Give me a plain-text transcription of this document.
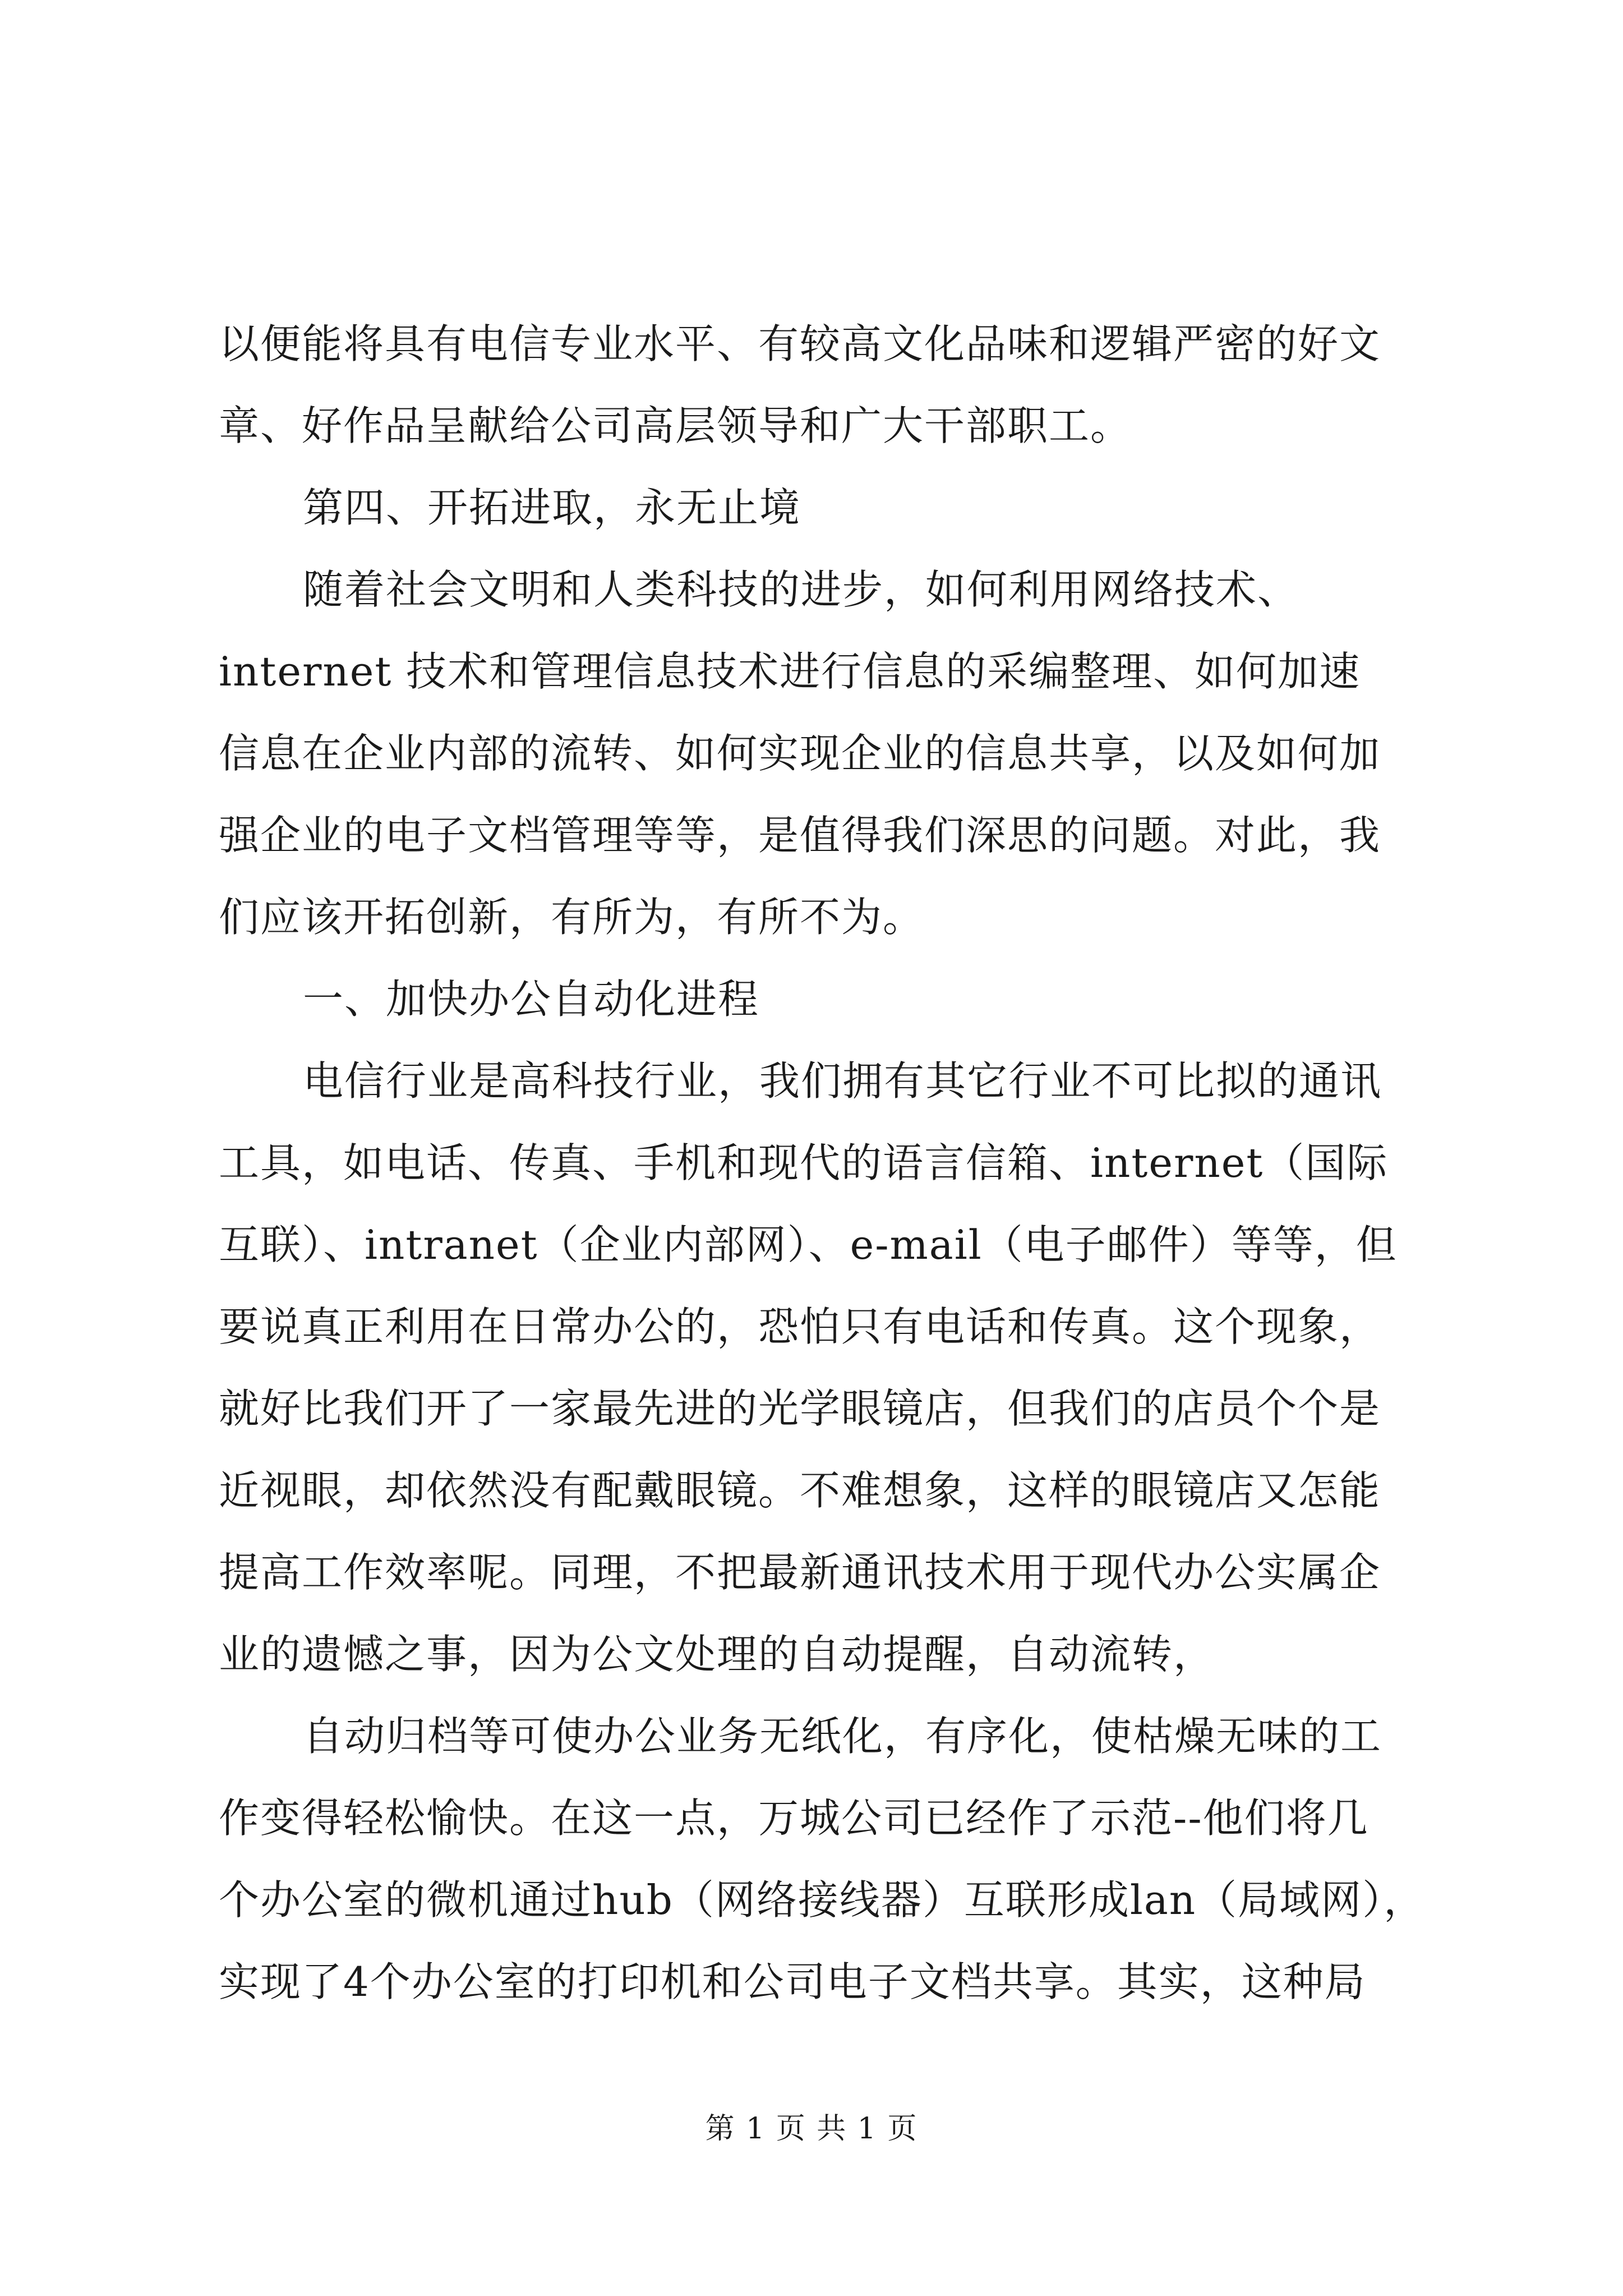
以便能将具有电信专业水平、有较高文化品味和逻辑严密的好文
章、好作品呈献给公司高层领导和广大干部职工。
第四、开拓进取，永无止境
随着社会文明和人类科技的进步，如何利用网络技术、
internet 技术和管理信息技术进行信息的采编整理、如何加速
信息在企业内部的流转、如何实现企业的信息共享，以及如何加
强企业的电子文档管理等等，是值得我们深思的问题。对此，我
们应该开拓创新，有所为，有所不为。
一、加快办公自动化进程
电信行业是高科技行业，我们拥有其它行业不可比拟的通讯
工具，如电话、传真、手机和现代的语言信箱、internet（国际
互联）、intranet（企业内部网）、e-mail（电子邮件）等等，但
要说真正利用在日常办公的，恐怕只有电话和传真。这个现象，
就好比我们开了一家最先进的光学眼镜店，但我们的店员个个是
近视眼，却依然没有配戴眼镜。不难想象，这样的眼镜店又怎能
提高工作效率呢。同理，不把最新通讯技术用于现代办公实属企
业的遗憾之事，因为公文处理的自动提醒，自动流转，
自动归档等可使办公业务无纸化，有序化，使枯燥无味的工
作变得轻松愉快。在这一点，万城公司已经作了示范--他们将几
个办公室的微机通过hub（网络接线器）互联形成lan（局域网），
实现了4个办公室的打印机和公司电子文档共享。其实，这种局
第 1 页 共 1 页
